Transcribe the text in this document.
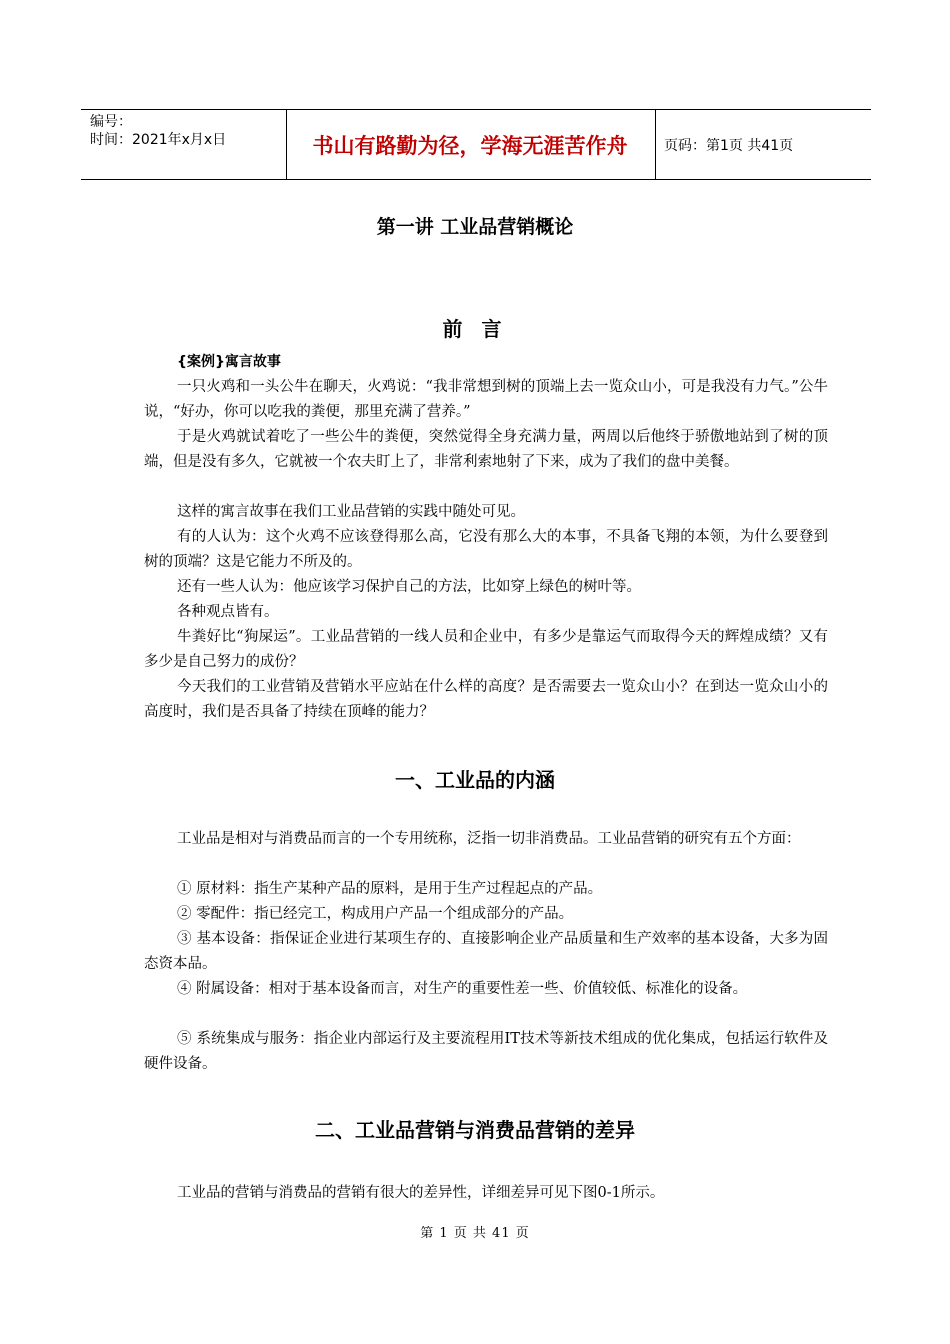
编号：
时间：2021年x月x日	书山有路勤为径，学海无涯苦作舟	页码：第1页 共41页
第一讲 工业品营销概论
前 言
{案例}寓言故事

一只火鸡和一头公牛在聊天，火鸡说：“我非常想到树的顶端上去一览众山小，可是我没有力气。”公牛说，“好办，你可以吃我的粪便，那里充满了营养。”

于是火鸡就试着吃了一些公牛的粪便，突然觉得全身充满力量，两周以后他终于骄傲地站到了树的顶端，但是没有多久，它就被一个农夫盯上了，非常利索地射了下来，成为了我们的盘中美餐。

这样的寓言故事在我们工业品营销的实践中随处可见。

有的人认为：这个火鸡不应该登得那么高，它没有那么大的本事，不具备飞翔的本领，为什么要登到树的顶端？这是它能力不所及的。

还有一些人认为：他应该学习保护自己的方法，比如穿上绿色的树叶等。

各种观点皆有。

牛粪好比“狗屎运”。工业品营销的一线人员和企业中，有多少是靠运气而取得今天的辉煌成绩？又有多少是自己努力的成份？

今天我们的工业营销及营销水平应站在什么样的高度？是否需要去一览众山小？在到达一览众山小的高度时，我们是否具备了持续在顶峰的能力？

一、工业品的内涵

工业品是相对与消费品而言的一个专用统称，泛指一切非消费品。工业品营销的研究有五个方面：

① 原材料：指生产某种产品的原料，是用于生产过程起点的产品。

② 零配件：指已经完工，构成用户产品一个组成部分的产品。

③ 基本设备：指保证企业进行某项生存的、直接影响企业产品质量和生产效率的基本设备，大多为固态资本品。

④ 附属设备：相对于基本设备而言，对生产的重要性差一些、价值较低、标准化的设备。

⑤ 系统集成与服务：指企业内部运行及主要流程用IT技术等新技术组成的优化集成，包括运行软件及硬件设备。

二、工业品营销与消费品营销的差异

工业品的营销与消费品的营销有很大的差异性，详细差异可见下图0-1所示。

第 1 页 共 41 页
